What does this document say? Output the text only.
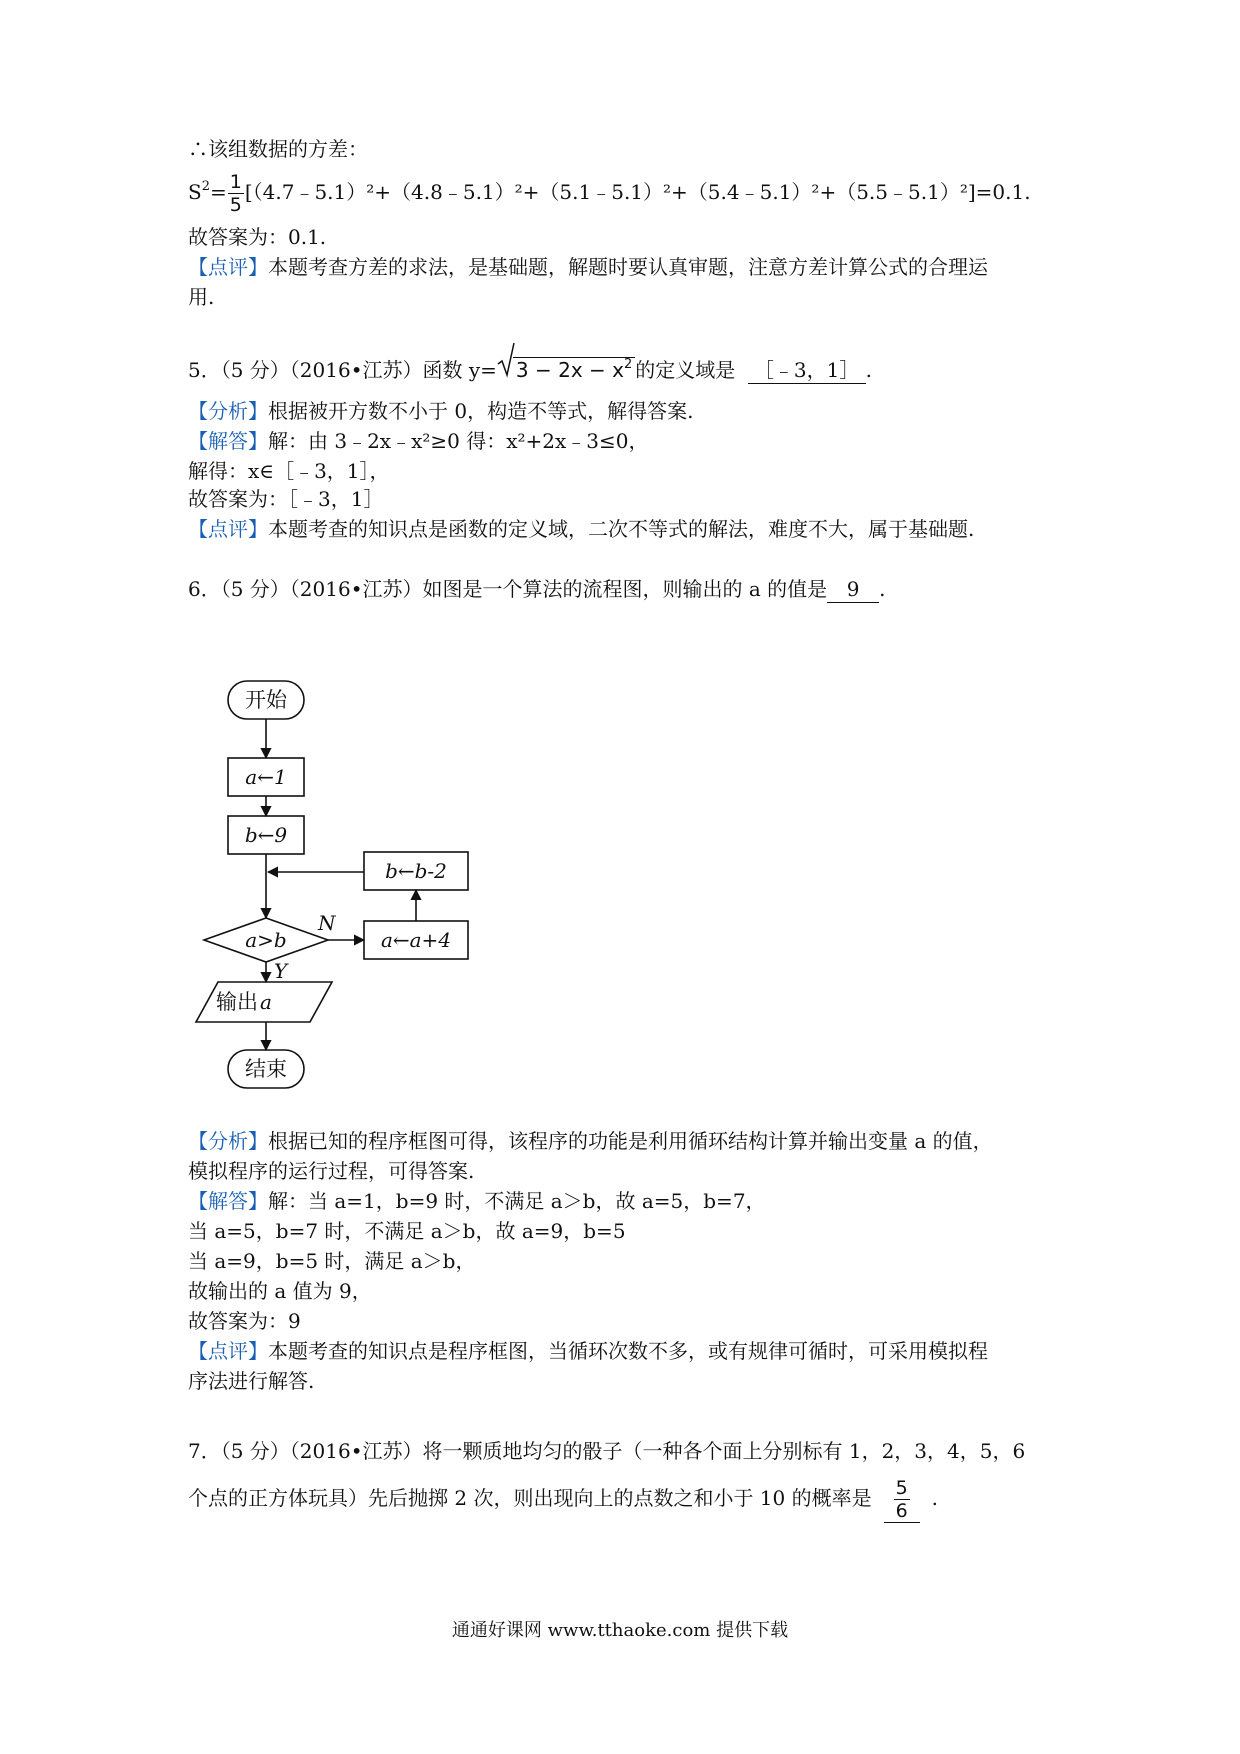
∴该组数据的方差：
$S^2= \frac{1}{5}$ [（4.7﹣5.1）²+（4.8﹣5.1）²+（5.1﹣5.1）²+（5.4﹣5.1）²+（5.5﹣5.1）²]=0.1.
故答案为：0.1.
【点评】本题考查方差的求法，是基础题，解题时要认真审题，注意方差计算公式的合理运
用.
5．（5 分）（2016•江苏）函数 $y= 3 - 2x - x^2$ 的定义域是 ［﹣3，1］ .
【分析】根据被开方数不小于 0，构造不等式，解得答案.
【解答】解：由 3﹣2x﹣x²≥0 得：x²+2x﹣3≤0，
解得：x∈［﹣3，1］，
故答案为：［﹣3，1］
【点评】本题考查的知识点是函数的定义域，二次不等式的解法，难度不大，属于基础题.
6．（5 分）（2016•江苏）如图是一个算法的流程图，则输出的 a 的值是 9 .
开始
a←1
b←9
b←b-2
a>b
N
a←a+4
Y
输出 a
结束
【分析】根据已知的程序框图可得，该程序的功能是利用循环结构计算并输出变量 a 的值，
模拟程序的运行过程，可得答案.
【解答】解：当 a=1，b=9 时，不满足 a＞b，故 a=5，b=7，
当 a=5，b=7 时，不满足 a＞b，故 a=9，b=5
当 a=9，b=5 时，满足 a＞b，
故输出的 a 值为 9，
故答案为：9
【点评】本题考查的知识点是程序框图，当循环次数不多，或有规律可循时，可采用模拟程
序法进行解答.
7．（5 分）（2016•江苏）将一颗质地均匀的骰子（一种各个面上分别标有 1，2，3，4，5，6
个点的正方体玩具）先后抛掷 2 次，则出现向上的点数之和小于 10 的概率是 $\frac{5}{6}$ .
通通好课网 www.tthaoke.com 提供下载
